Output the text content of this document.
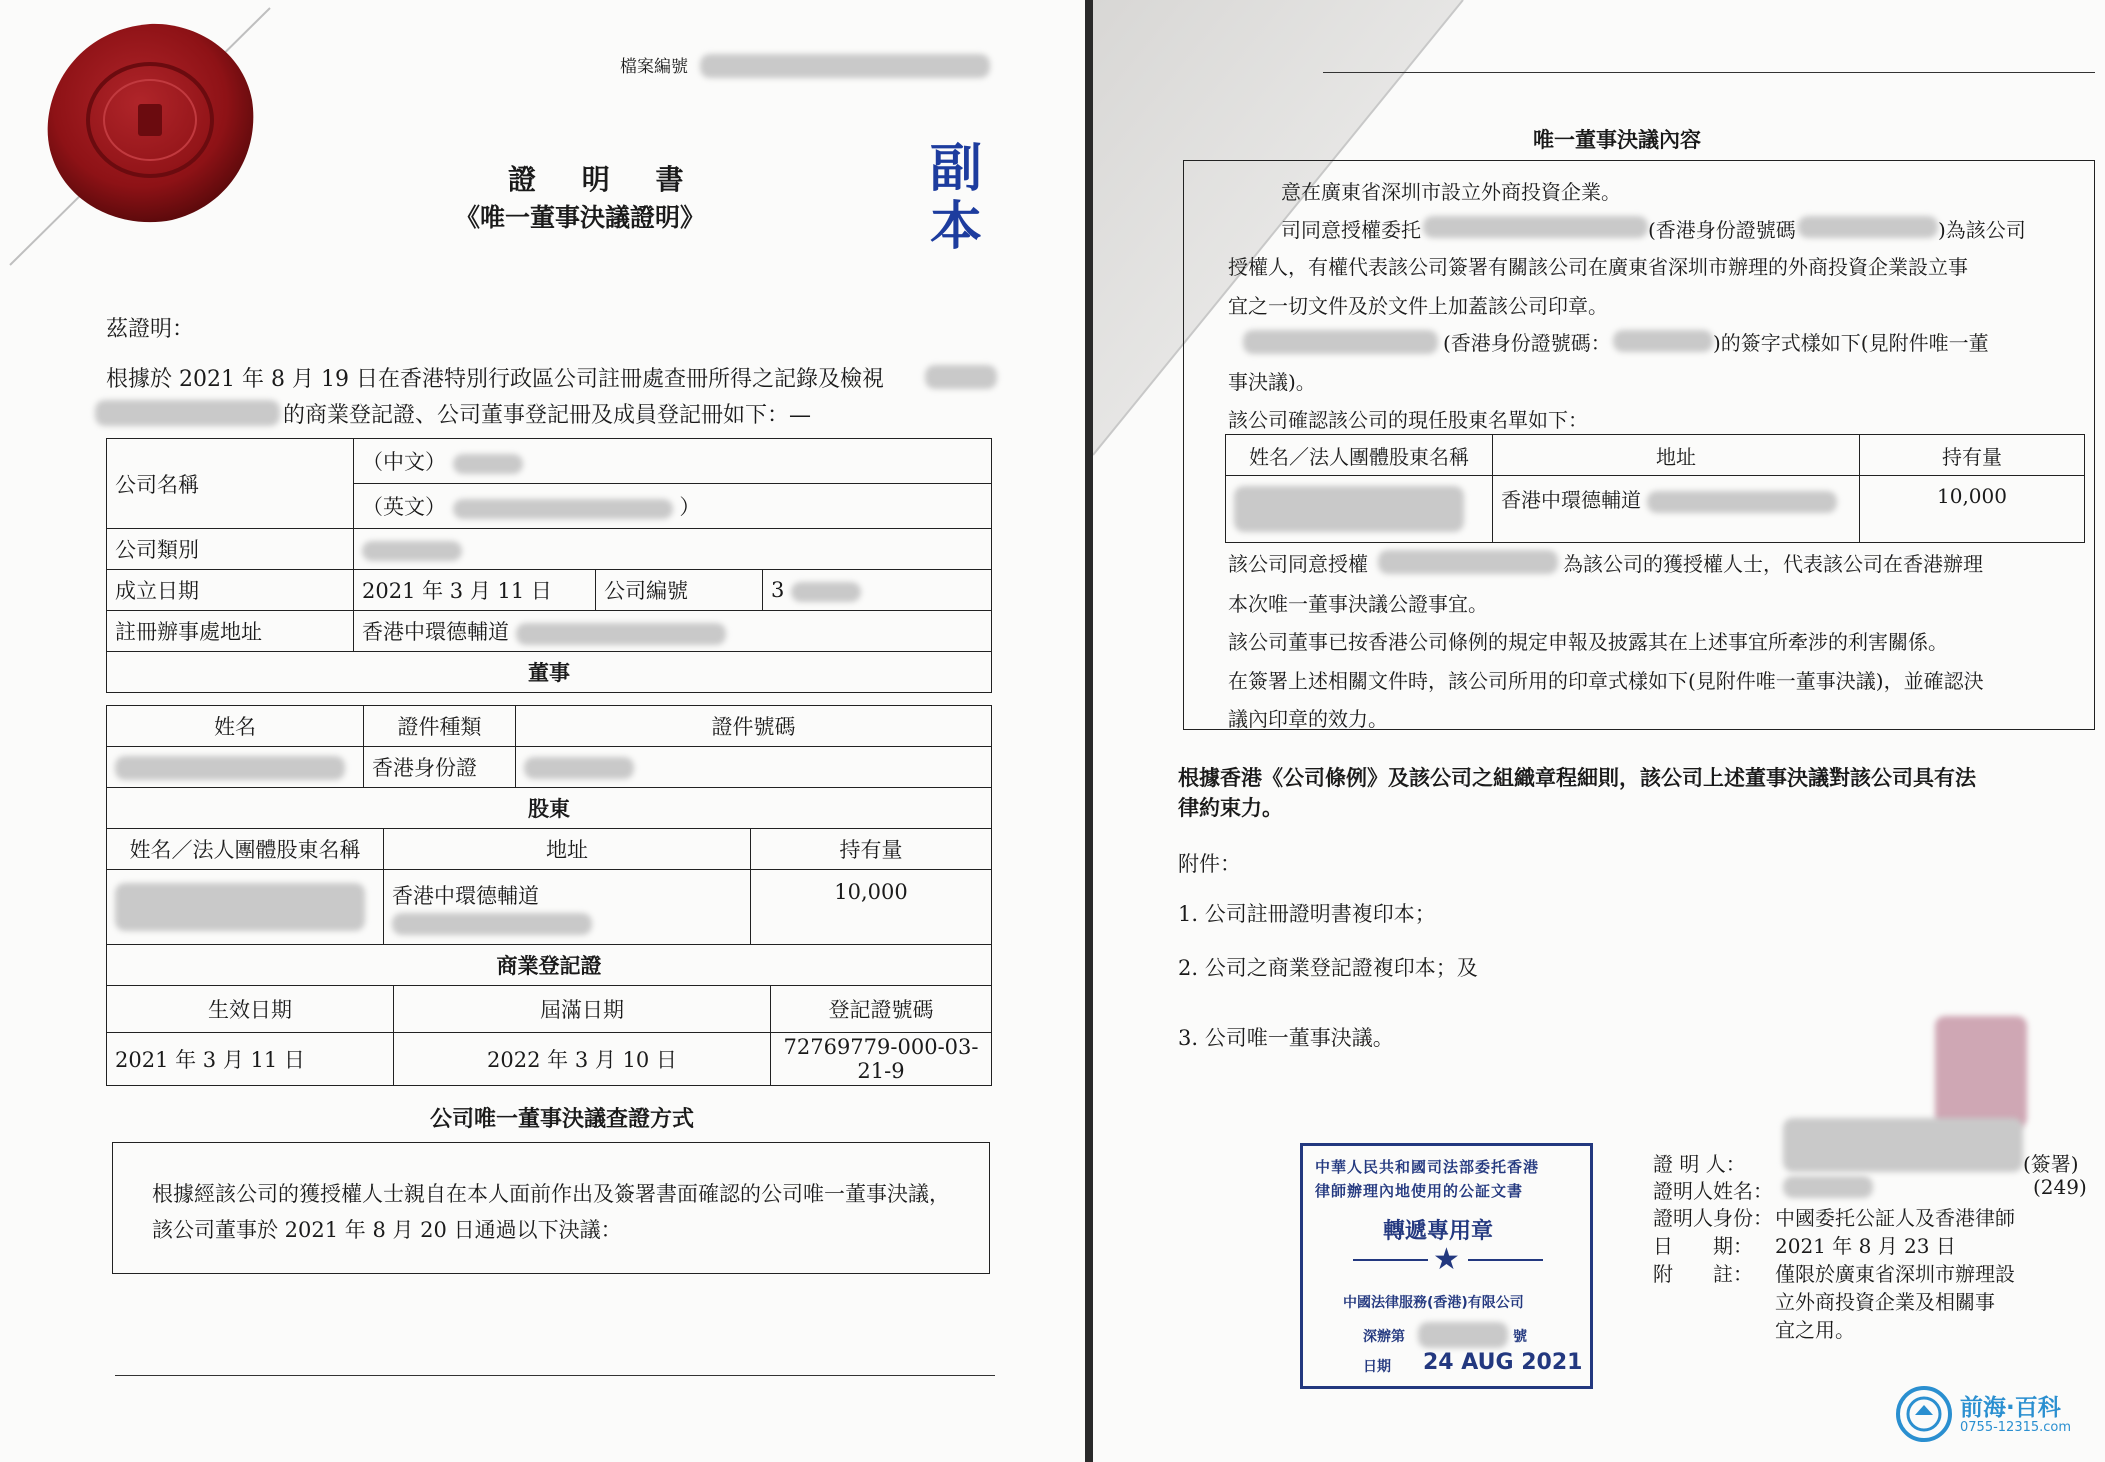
檔案編號
證 明 書
《唯一董事決議證明》
副本
茲證明：
根據於 2021 年 8 月 19 日在香港特別行政區公司註冊處查冊所得之記錄及檢視
的商業登記證、公司董事登記冊及成員登記冊如下：—
公司名稱	（中文）		
	（英文） ）		
公司類別			
成立日期	2021 年 3 月 11 日	公司編號	3
註冊辦事處地址	香港中環德輔道		
董事			
姓名	證件種類	證件號碼
	香港身份證	
股東		
姓名／法人團體股東名稱	地址	持有量
	香港中環德輔道	10,000
商業登記證		
生效日期	屆滿日期	登記證號碼
2021 年 3 月 11 日	2022 年 3 月 10 日	72769779-000-03-21-9
公司唯一董事決議查證方式
根據經該公司的獲授權人士親自在本人面前作出及簽署書面確認的公司唯一董事決議，
該公司董事於 2021 年 8 月 20 日通過以下決議：
唯一董事決議內容
意在廣東省深圳市設立外商投資企業。
司同意授權委托	(香港身份證號碼	)為該公司
授權人，有權代表該公司簽署有關該公司在廣東省深圳市辦理的外商投資企業設立事
宜之一切文件及於文件上加蓋該公司印章。
(香港身份證號碼：	)的簽字式樣如下(見附件唯一董
事決議)。
該公司確認該公司的現任股東名單如下：
姓名／法人團體股東名稱	地址	持有量
	香港中環德輔道	10,000
該公司同意授權	為該公司的獲授權人士，代表該公司在香港辦理
本次唯一董事決議公證事宜。
該公司董事已按香港公司條例的規定申報及披露其在上述事宜所牽涉的利害關係。
在簽署上述相關文件時，該公司所用的印章式樣如下(見附件唯一董事決議)，並確認決
議內印章的效力。
根據香港《公司條例》及該公司之組織章程細則，該公司上述董事決議對該公司具有法
律約束力。
附件：
1. 公司註冊證明書複印本；
2. 公司之商業登記證複印本；及
3. 公司唯一董事決議。
證 明 人：	(簽署)
證明人姓名：	(249)
證明人身份： 中國委托公証人及香港律師
日　　期： 2021 年 8 月 23 日
附　　註： 僅限於廣東省深圳市辦理設
立外商投資企業及相關事
宜之用。
中華人民共和國司法部委托香港
律師辦理內地使用的公証文書
轉遞專用章
★
中國法律服務(香港)有限公司
深辦第	號
日期 24 AUG 2021
前海·百科
0755-12315.com
